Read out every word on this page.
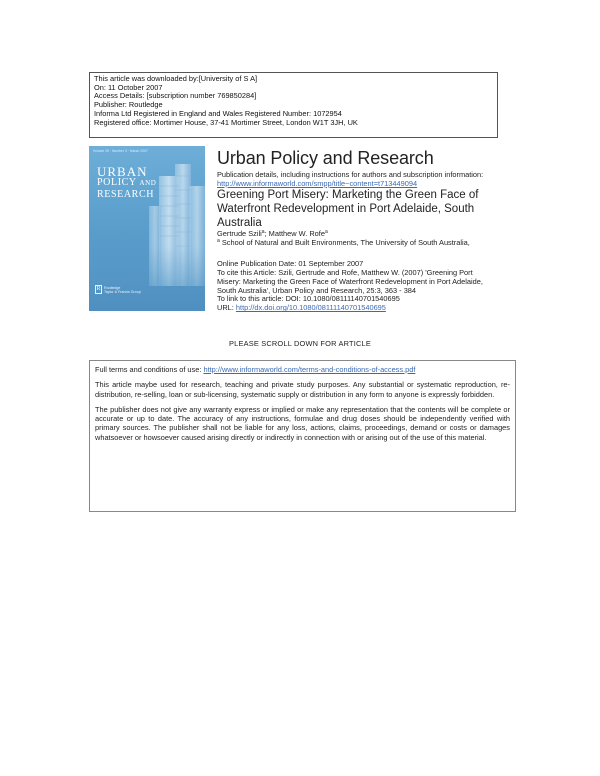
This article was downloaded by:[University of S A]
On: 11 October 2007
Access Details: [subscription number 769850284]
Publisher: Routledge
Informa Ltd Registered in England and Wales Registered Number: 1072954
Registered office: Mortimer House, 37-41 Mortimer Street, London W1T 3JH, UK
Volume 25 · Number 3 · March 2007
URBAN
POLICY AND
RESEARCH
R Routledge
Taylor & Francis Group
Urban Policy and Research
Publication details, including instructions for authors and subscription information:
http://www.informaworld.com/smpp/title~content=t713449094
Greening Port Misery: Marketing the Green Face of Waterfront Redevelopment in Port Adelaide, South Australia
Gertrude Szili$^a$; Matthew W. Rofe$^a$
$^a$ School of Natural and Built Environments, The University of South Australia,
Online Publication Date: 01 September 2007
To cite this Article: Szili, Gertrude and Rofe, Matthew W. (2007) 'Greening Port
Misery: Marketing the Green Face of Waterfront Redevelopment in Port Adelaide,
South Australia', Urban Policy and Research, 25:3, 363 - 384
To link to this article: DOI: 10.1080/08111140701540695
URL: http://dx.doi.org/10.1080/08111140701540695
PLEASE SCROLL DOWN FOR ARTICLE

Full terms and conditions of use: http://www.informaworld.com/terms-and-conditions-of-access.pdf

This article maybe used for research, teaching and private study purposes. Any substantial or systematic reproduction, re-distribution, re-selling, loan or sub-licensing, systematic supply or distribution in any form to anyone is expressly forbidden.

The publisher does not give any warranty express or implied or make any representation that the contents will be complete or accurate or up to date. The accuracy of any instructions, formulae and drug doses should be independently verified with primary sources. The publisher shall not be liable for any loss, actions, claims, proceedings, demand or costs or damages whatsoever or howsoever caused arising directly or indirectly in connection with or arising out of the use of this material.
